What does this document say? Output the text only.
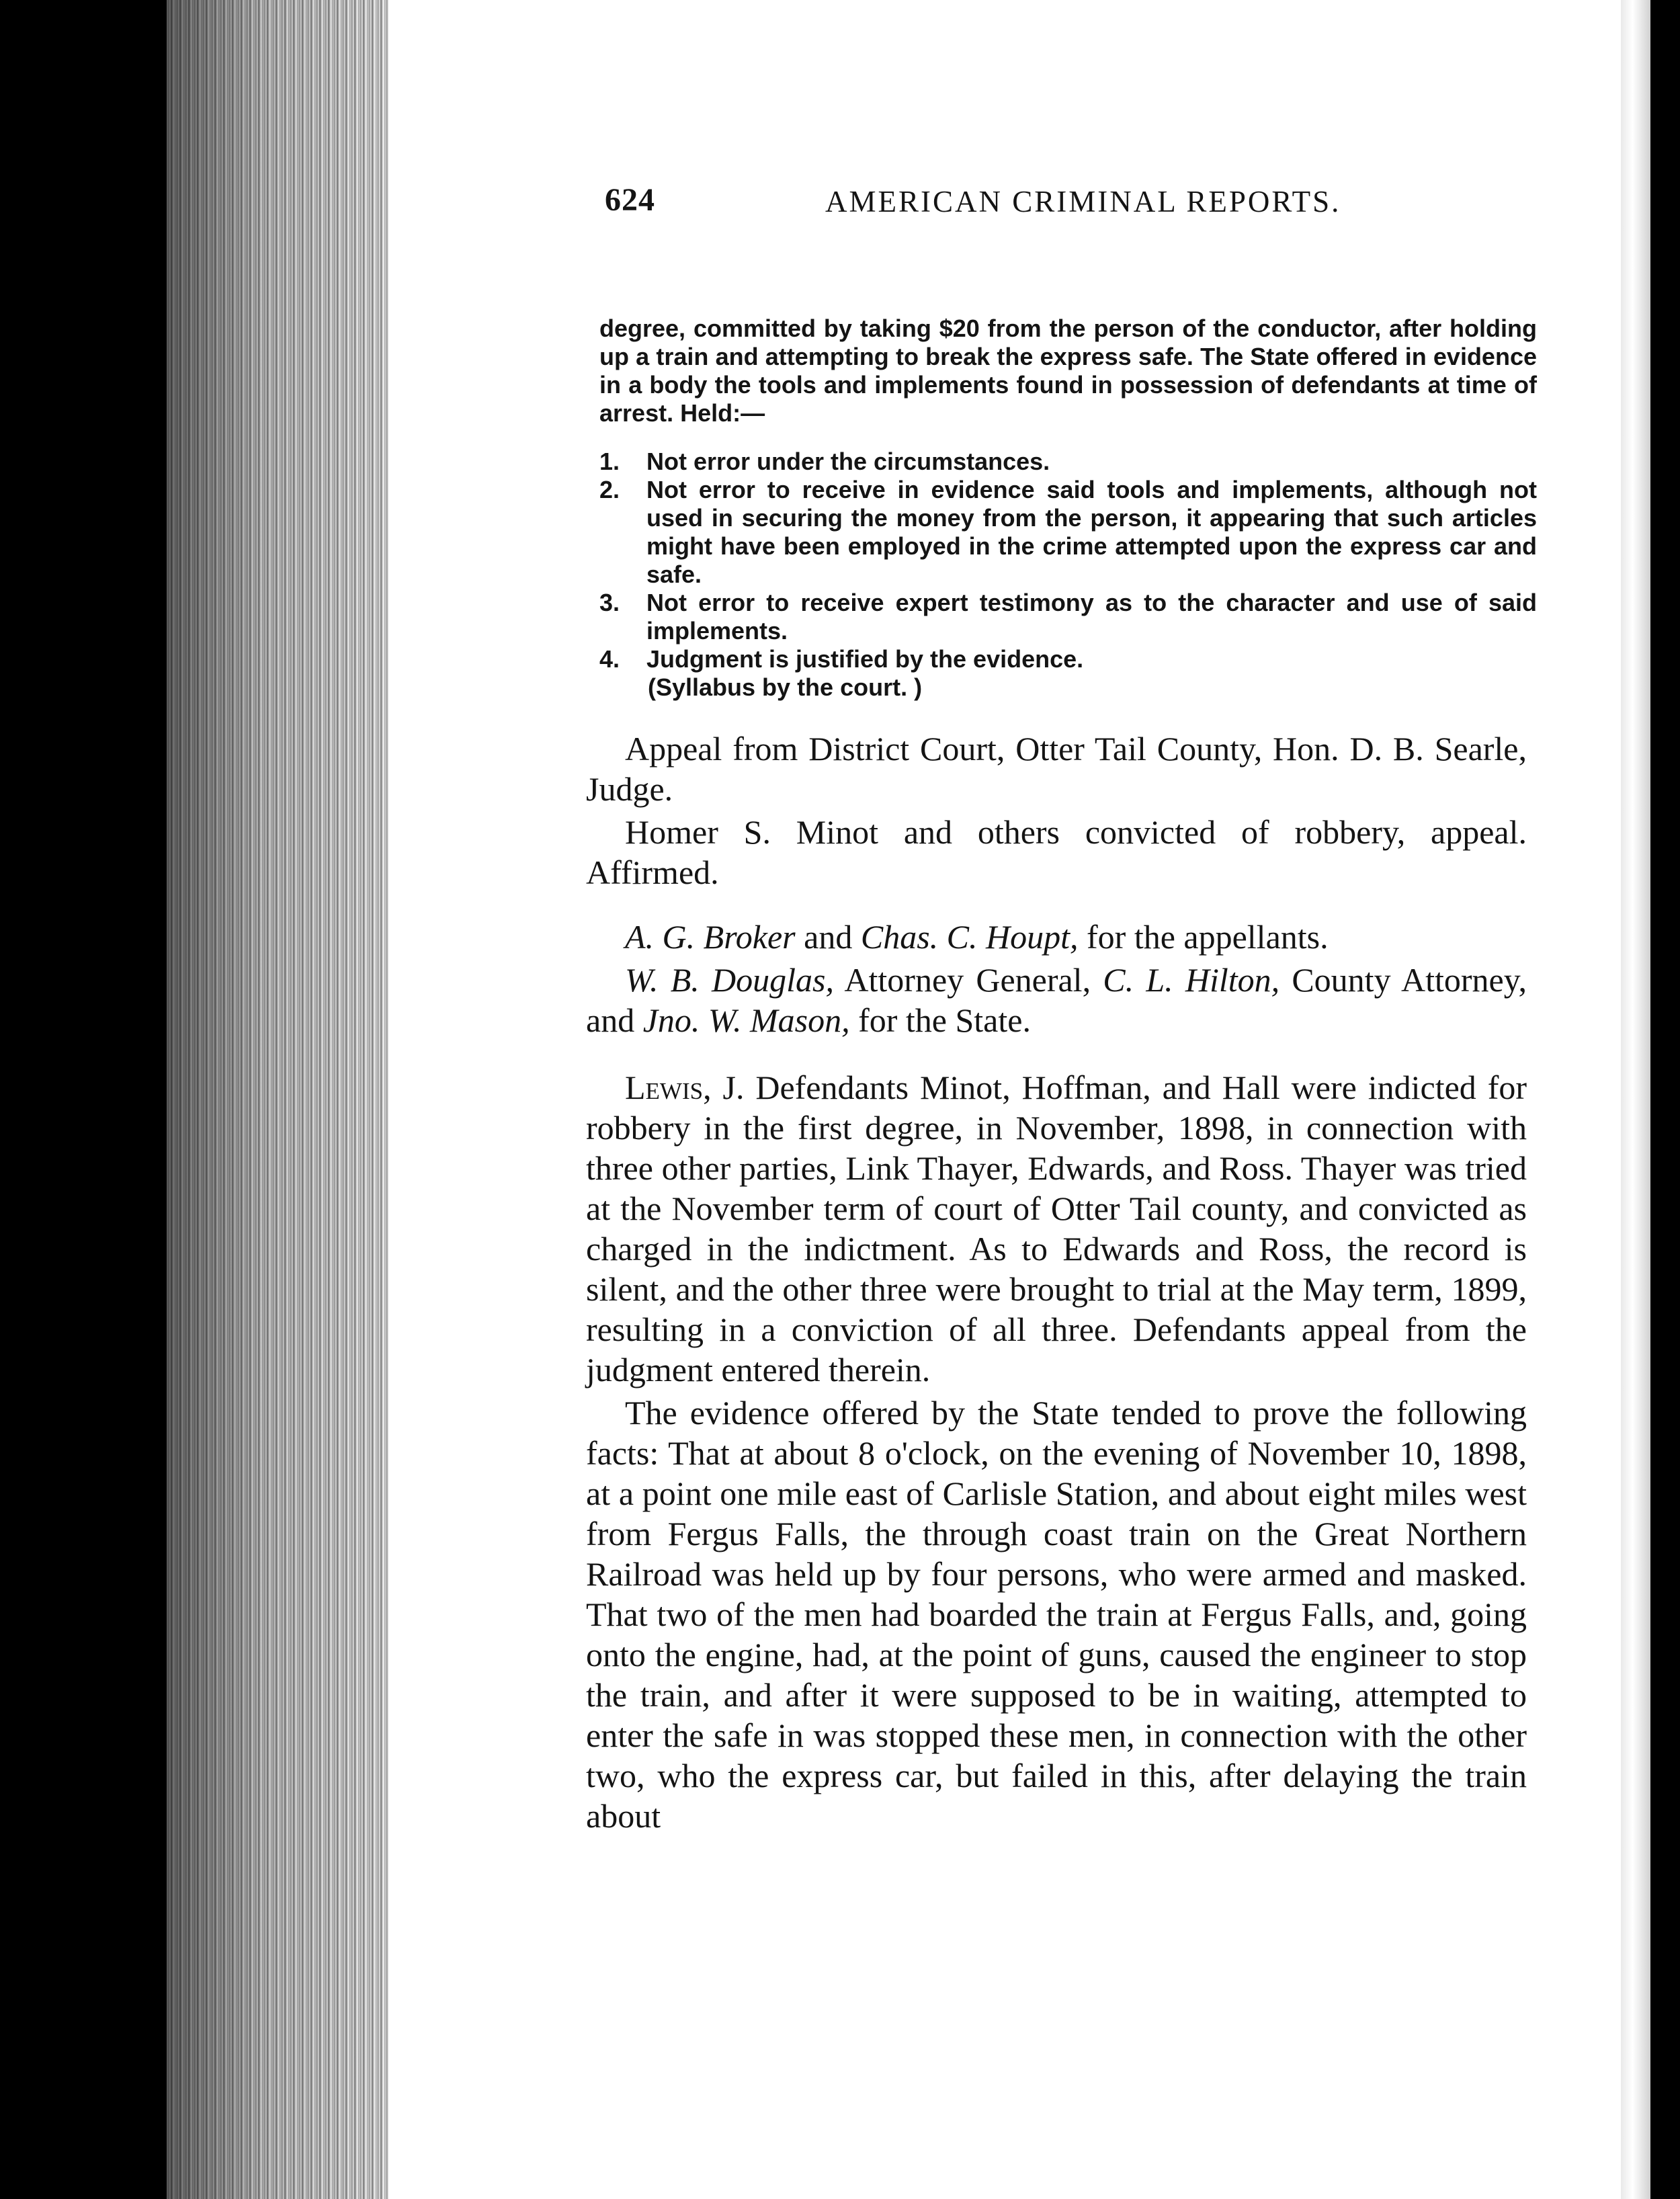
624	AMERICAN CRIMINAL REPORTS.

degree, committed by taking $20 from the person of the conductor, after holding up a train and attempting to break the express safe. The State offered in evidence in a body the tools and implements found in possession of defendants at time of arrest. Held:—

1. Not error under the circumstances.
2. Not error to receive in evidence said tools and implements, although not used in securing the money from the person, it appearing that such articles might have been employed in the crime attempted upon the express car and safe.
3. Not error to receive expert testimony as to the character and use of said implements.
4. Judgment is justified by the evidence.

(Syllabus by the court. )

Appeal from District Court, Otter Tail County, Hon. D. B. Searle, Judge.

Homer S. Minot and others convicted of robbery, appeal. Affirmed.

A. G. Broker and Chas. C. Houpt, for the appellants.

W. B. Douglas, Attorney General, C. L. Hilton, County Attorney, and Jno. W. Mason, for the State.

Lewis, J. Defendants Minot, Hoffman, and Hall were indicted for robbery in the first degree, in November, 1898, in connection with three other parties, Link Thayer, Edwards, and Ross. Thayer was tried at the November term of court of Otter Tail county, and convicted as charged in the indictment. As to Edwards and Ross, the record is silent, and the other three were brought to trial at the May term, 1899, resulting in a conviction of all three. Defendants appeal from the judgment entered therein.

The evidence offered by the State tended to prove the following facts: That at about 8 o'clock, on the evening of November 10, 1898, at a point one mile east of Carlisle Station, and about eight miles west from Fergus Falls, the through coast train on the Great Northern Railroad was held up by four persons, who were armed and masked. That two of the men had boarded the train at Fergus Falls, and, going onto the engine, had, at the point of guns, caused the engineer to stop the train, and after it were supposed to be in waiting, attempted to enter the safe in was stopped these men, in connection with the other two, who the express car, but failed in this, after delaying the train about
